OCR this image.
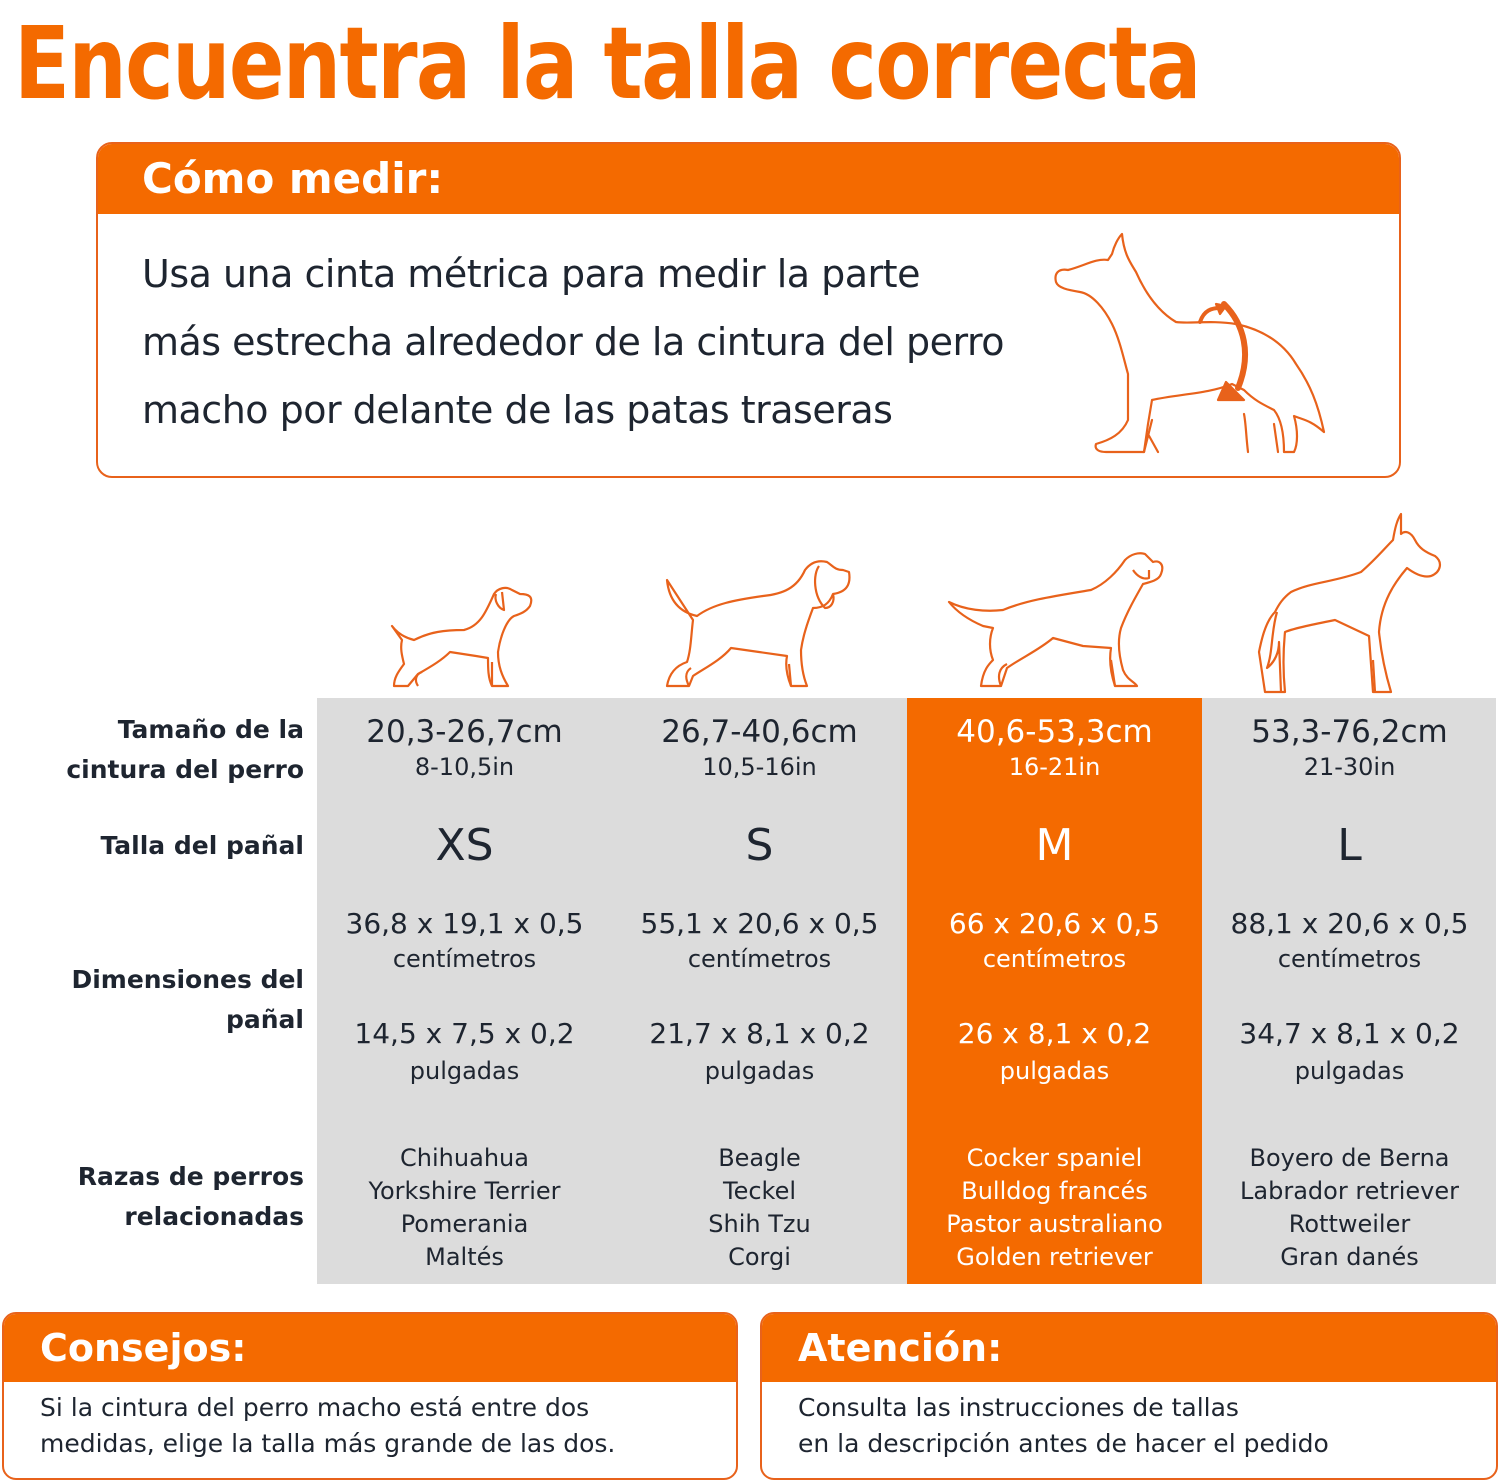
Encuentra la talla correcta
Cómo medir:
Usa una cinta métrica para medir la parte
más estrecha alrededor de la cintura del perro
macho por delante de las patas traseras
Tamaño de la
cintura del perro
Talla del pañal
Dimensiones del
pañal
Razas de perros
relacionadas
20,3-26,7cm
8-10,5in
XS
36,8 x 19,1 x 0,5
centímetros
14,5 x 7,5 x 0,2
pulgadas
Chihuahua
Yorkshire Terrier
Pomerania
Maltés
26,7-40,6cm
10,5-16in
S
55,1 x 20,6 x 0,5
centímetros
21,7 x 8,1 x 0,2
pulgadas
Beagle
Teckel
Shih Tzu
Corgi
40,6-53,3cm
16-21in
M
66 x 20,6 x 0,5
centímetros
26 x 8,1 x 0,2
pulgadas
Cocker spaniel
Bulldog francés
Pastor australiano
Golden retriever
53,3-76,2cm
21-30in
L
88,1 x 20,6 x 0,5
centímetros
34,7 x 8,1 x 0,2
pulgadas
Boyero de Berna
Labrador retriever
Rottweiler
Gran danés
Consejos:
Si la cintura del perro macho está entre dos
medidas, elige la talla más grande de las dos.
Atención:
Consulta las instrucciones de tallas
en la descripción antes de hacer el pedido
